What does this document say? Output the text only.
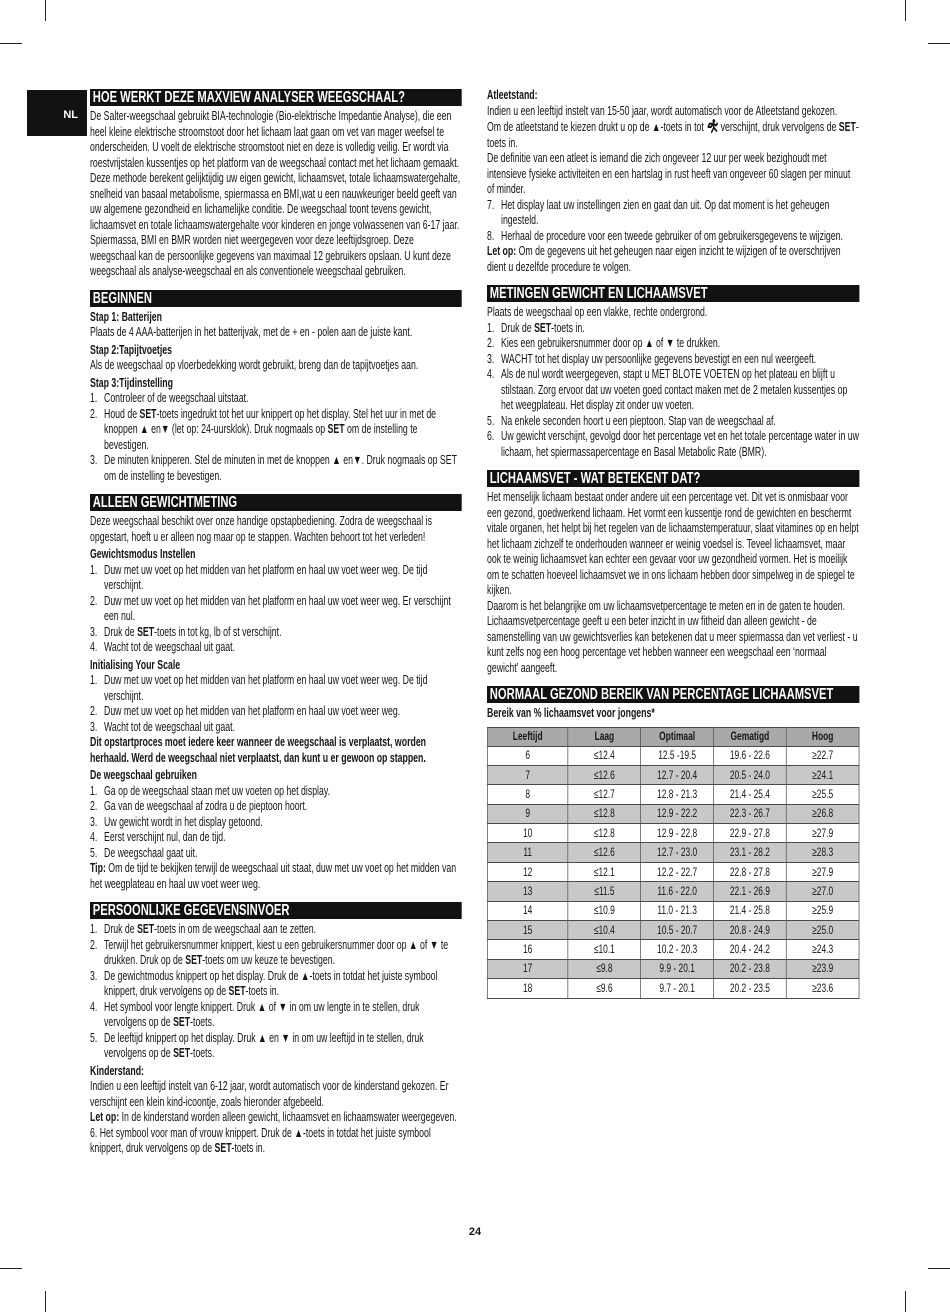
NL
HOE WERKT DEZE MAXVIEW ANALYSER WEEGSCHAAL?

De Salter-weegschaal gebruikt BIA-technologie (Bio-elektrische Impedantie Analyse), die een heel kleine elektrische stroomstoot door het lichaam laat gaan om vet van mager weefsel te onderscheiden. U voelt de elektrische stroomstoot niet en deze is volledig veilig. Er wordt via roestvrijstalen kussentjes op het platform van de weegschaal contact met het lichaam gemaakt.

Deze methode berekent gelijktijdig uw eigen gewicht, lichaamsvet, totale lichaamswatergehalte, snelheid van basaal metabolisme, spiermassa en BMI,wat u een nauwkeuriger beeld geeft van uw algemene gezondheid en lichamelijke conditie. De weegschaal toont tevens gewicht, lichaamsvet en totale lichaamswatergehalte voor kinderen en jonge volwassenen van 6-17 jaar. Spiermassa, BMI en BMR worden niet weergegeven voor deze leeftijdsgroep. Deze weegschaal kan de persoonlijke gegevens van maximaal 12 gebruikers opslaan. U kunt deze weegschaal als analyse-weegschaal en als conventionele weegschaal gebruiken.

BEGINNEN
Stap 1: Batterijen

Plaats de 4 AAA-batterijen in het batterijvak, met de + en - polen aan de juiste kant.

Stap 2:Tapijtvoetjes

Als de weegschaal op vloerbedekking wordt gebruikt, breng dan de tapijtvoetjes aan.

Stap 3:Tijdinstelling
1. Controleer of de weegschaal uitstaat.
2. Houd de SET-toets ingedrukt tot het uur knippert op het display. Stel het uur in met de knoppen ▲ en▼ (let op: 24-uursklok). Druk nogmaals op SET om de instelling te bevestigen.
3. De minuten knipperen. Stel de minuten in met de knoppen ▲ en▼. Druk nogmaals op SET om de instelling te bevestigen.
ALLEEN GEWICHTMETING

Deze weegschaal beschikt over onze handige opstapbediening. Zodra de weegschaal is opgestart, hoeft u er alleen nog maar op te stappen. Wachten behoort tot het verleden!

Gewichtsmodus Instellen
1. Duw met uw voet op het midden van het platform en haal uw voet weer weg. De tijd verschijnt.
2. Duw met uw voet op het midden van het platform en haal uw voet weer weg. Er verschijnt een nul.
3. Druk de SET-toets in tot kg, lb of st verschijnt.
4. Wacht tot de weegschaal uit gaat.
Initialising Your Scale
1. Duw met uw voet op het midden van het platform en haal uw voet weer weg. De tijd verschijnt.
2. Duw met uw voet op het midden van het platform en haal uw voet weer weg.
3. Wacht tot de weegschaal uit gaat.

Dit opstartproces moet iedere keer wanneer de weegschaal is verplaatst, worden herhaald. Werd de weegschaal niet verplaatst, dan kunt u er gewoon op stappen.

De weegschaal gebruiken
1. Ga op de weegschaal staan met uw voeten op het display.
2. Ga van de weegschaal af zodra u de pieptoon hoort.
3. Uw gewicht wordt in het display getoond.
4. Eerst verschijnt nul, dan de tijd.
5. De weegschaal gaat uit.

Tip: Om de tijd te bekijken terwijl de weegschaal uit staat, duw met uw voet op het midden van het weegplateau en haal uw voet weer weg.

PERSOONLIJKE GEGEVENSINVOER
1. Druk de SET-toets in om de weegschaal aan te zetten.
2. Terwijl het gebruikersnummer knippert, kiest u een gebruikersnummer door op ▲ of ▼ te drukken. Druk op de SET-toets om uw keuze te bevestigen.
3. De gewichtmodus knippert op het display. Druk de ▲-toets in totdat het juiste symbool knippert, druk vervolgens op de SET-toets in.
4. Het symbool voor lengte knippert. Druk ▲ of ▼ in om uw lengte in te stellen, druk vervolgens op de SET-toets.
5. De leeftijd knippert op het display. Druk ▲ en ▼ in om uw leeftijd in te stellen, druk vervolgens op de SET-toets.
Kinderstand:

Indien u een leeftijd instelt van 6-12 jaar, wordt automatisch voor de kinderstand gekozen. Er verschijnt een klein kind-icoontje, zoals hieronder afgebeeld.

Let op: In de kinderstand worden alleen gewicht, lichaamsvet en lichaamswater weergegeven.

6. Het symbool voor man of vrouw knippert. Druk de ▲-toets in totdat het juiste symbool knippert, druk vervolgens op de SET-toets in.

Atleetstand:

Indien u een leeftijd instelt van 15-50 jaar, wordt automatisch voor de Atleetstand gekozen.

Om de atleetstand te kiezen drukt u op de ▲-toets in tot  verschijnt, druk vervolgens de SET-toets in.

De definitie van een atleet is iemand die zich ongeveer 12 uur per week bezighoudt met intensieve fysieke activiteiten en een hartslag in rust heeft van ongeveer 60 slagen per minuut of minder.

7. Het display laat uw instellingen zien en gaat dan uit. Op dat moment is het geheugen ingesteld.
8. Herhaal de procedure voor een tweede gebruiker of om gebruikersgegevens te wijzigen.

Let op: Om de gegevens uit het geheugen naar eigen inzicht te wijzigen of te overschrijven dient u dezelfde procedure te volgen.

METINGEN GEWICHT EN LICHAAMSVET

Plaats de weegschaal op een vlakke, rechte ondergrond.

1. Druk de SET-toets in.
2. Kies een gebruikersnummer door op ▲ of ▼ te drukken.
3. WACHT tot het display uw persoonlijke gegevens bevestigt en een nul weergeeft.
4. Als de nul wordt weergegeven, stapt u MET BLOTE VOETEN op het plateau en blijft u stilstaan. Zorg ervoor dat uw voeten goed contact maken met de 2 metalen kussentjes op het weegplateau. Het display zit onder uw voeten.
5. Na enkele seconden hoort u een pieptoon. Stap van de weegschaal af.
6. Uw gewicht verschijnt, gevolgd door het percentage vet en het totale percentage water in uw lichaam, het spiermassapercentage en Basal Metabolic Rate (BMR).
LICHAAMSVET - WAT BETEKENT DAT?

Het menselijk lichaam bestaat onder andere uit een percentage vet. Dit vet is onmisbaar voor een gezond, goedwerkend lichaam. Het vormt een kussentje rond de gewichten en beschermt vitale organen, het helpt bij het regelen van de lichaamstemperatuur, slaat vitamines op en helpt het lichaam zichzelf te onderhouden wanneer er weinig voedsel is. Teveel lichaamsvet, maar ook te weinig lichaamsvet kan echter een gevaar voor uw gezondheid vormen. Het is moeilijk om te schatten hoeveel lichaamsvet we in ons lichaam hebben door simpelweg in de spiegel te kijken.

Daarom is het belangrijke om uw lichaamsvetpercentage te meten en in de gaten te houden. Lichaamsvetpercentage geeft u een beter inzicht in uw fitheid dan alleen gewicht - de samenstelling van uw gewichtsverlies kan betekenen dat u meer spiermassa dan vet verliest - u kunt zelfs nog een hoog percentage vet hebben wanneer een weegschaal een ‘normaal gewicht’ aangeeft.

NORMAAL GEZOND BEREIK VAN PERCENTAGE LICHAAMSVET
Bereik van % lichaamsvet voor jongens*
Leeftijd	Laag	Optimaal	Gematigd	Hoog
6	≤12.4	12.5 -19.5	19.6 - 22.6	≥22.7
7	≤12.6	12.7 - 20.4	20.5 - 24.0	≥24.1
8	≤12.7	12.8 - 21.3	21.4 - 25.4	≥25.5
9	≤12.8	12.9 - 22.2	22.3 - 26.7	≥26.8
10	≤12.8	12.9 - 22.8	22.9 - 27.8	≥27.9
11	≤12.6	12.7 - 23.0	23.1 - 28.2	≥28.3
12	≤12.1	12.2 - 22.7	22.8 - 27.8	≥27.9
13	≤11.5	11.6 - 22.0	22.1 - 26.9	≥27.0
14	≤10.9	11.0 - 21.3	21.4 - 25.8	≥25.9
15	≤10.4	10.5 - 20.7	20.8 - 24.9	≥25.0
16	≤10.1	10.2 - 20.3	20.4 - 24.2	≥24.3
17	≤9.8	9.9 - 20.1	20.2 - 23.8	≥23.9
18	≤9.6	9.7 - 20.1	20.2 - 23.5	≥23.6
24
